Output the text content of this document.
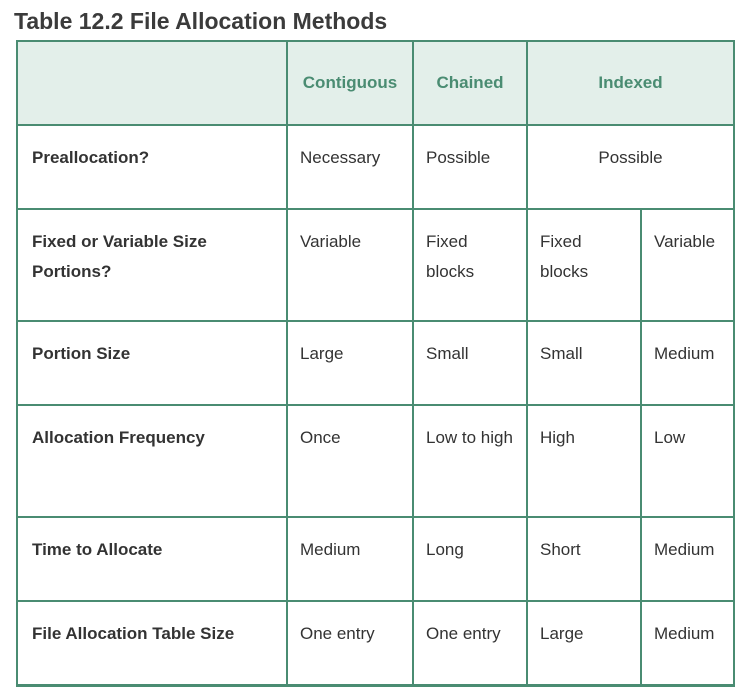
Table 12.2 File Allocation Methods
	Contiguous	Chained	Indexed	

Preallocation?	Necessary	Possible	Possible	

Fixed or Variable Size Portions?	Variable	Fixed blocks	Fixed blocks	Variable

Portion Size	Large	Small	Small	Medium

Allocation Frequency	Once	Low to high	High	Low

Time to Allocate	Medium	Long	Short	Medium

File Allocation Table Size	One entry	One entry	Large	Medium
